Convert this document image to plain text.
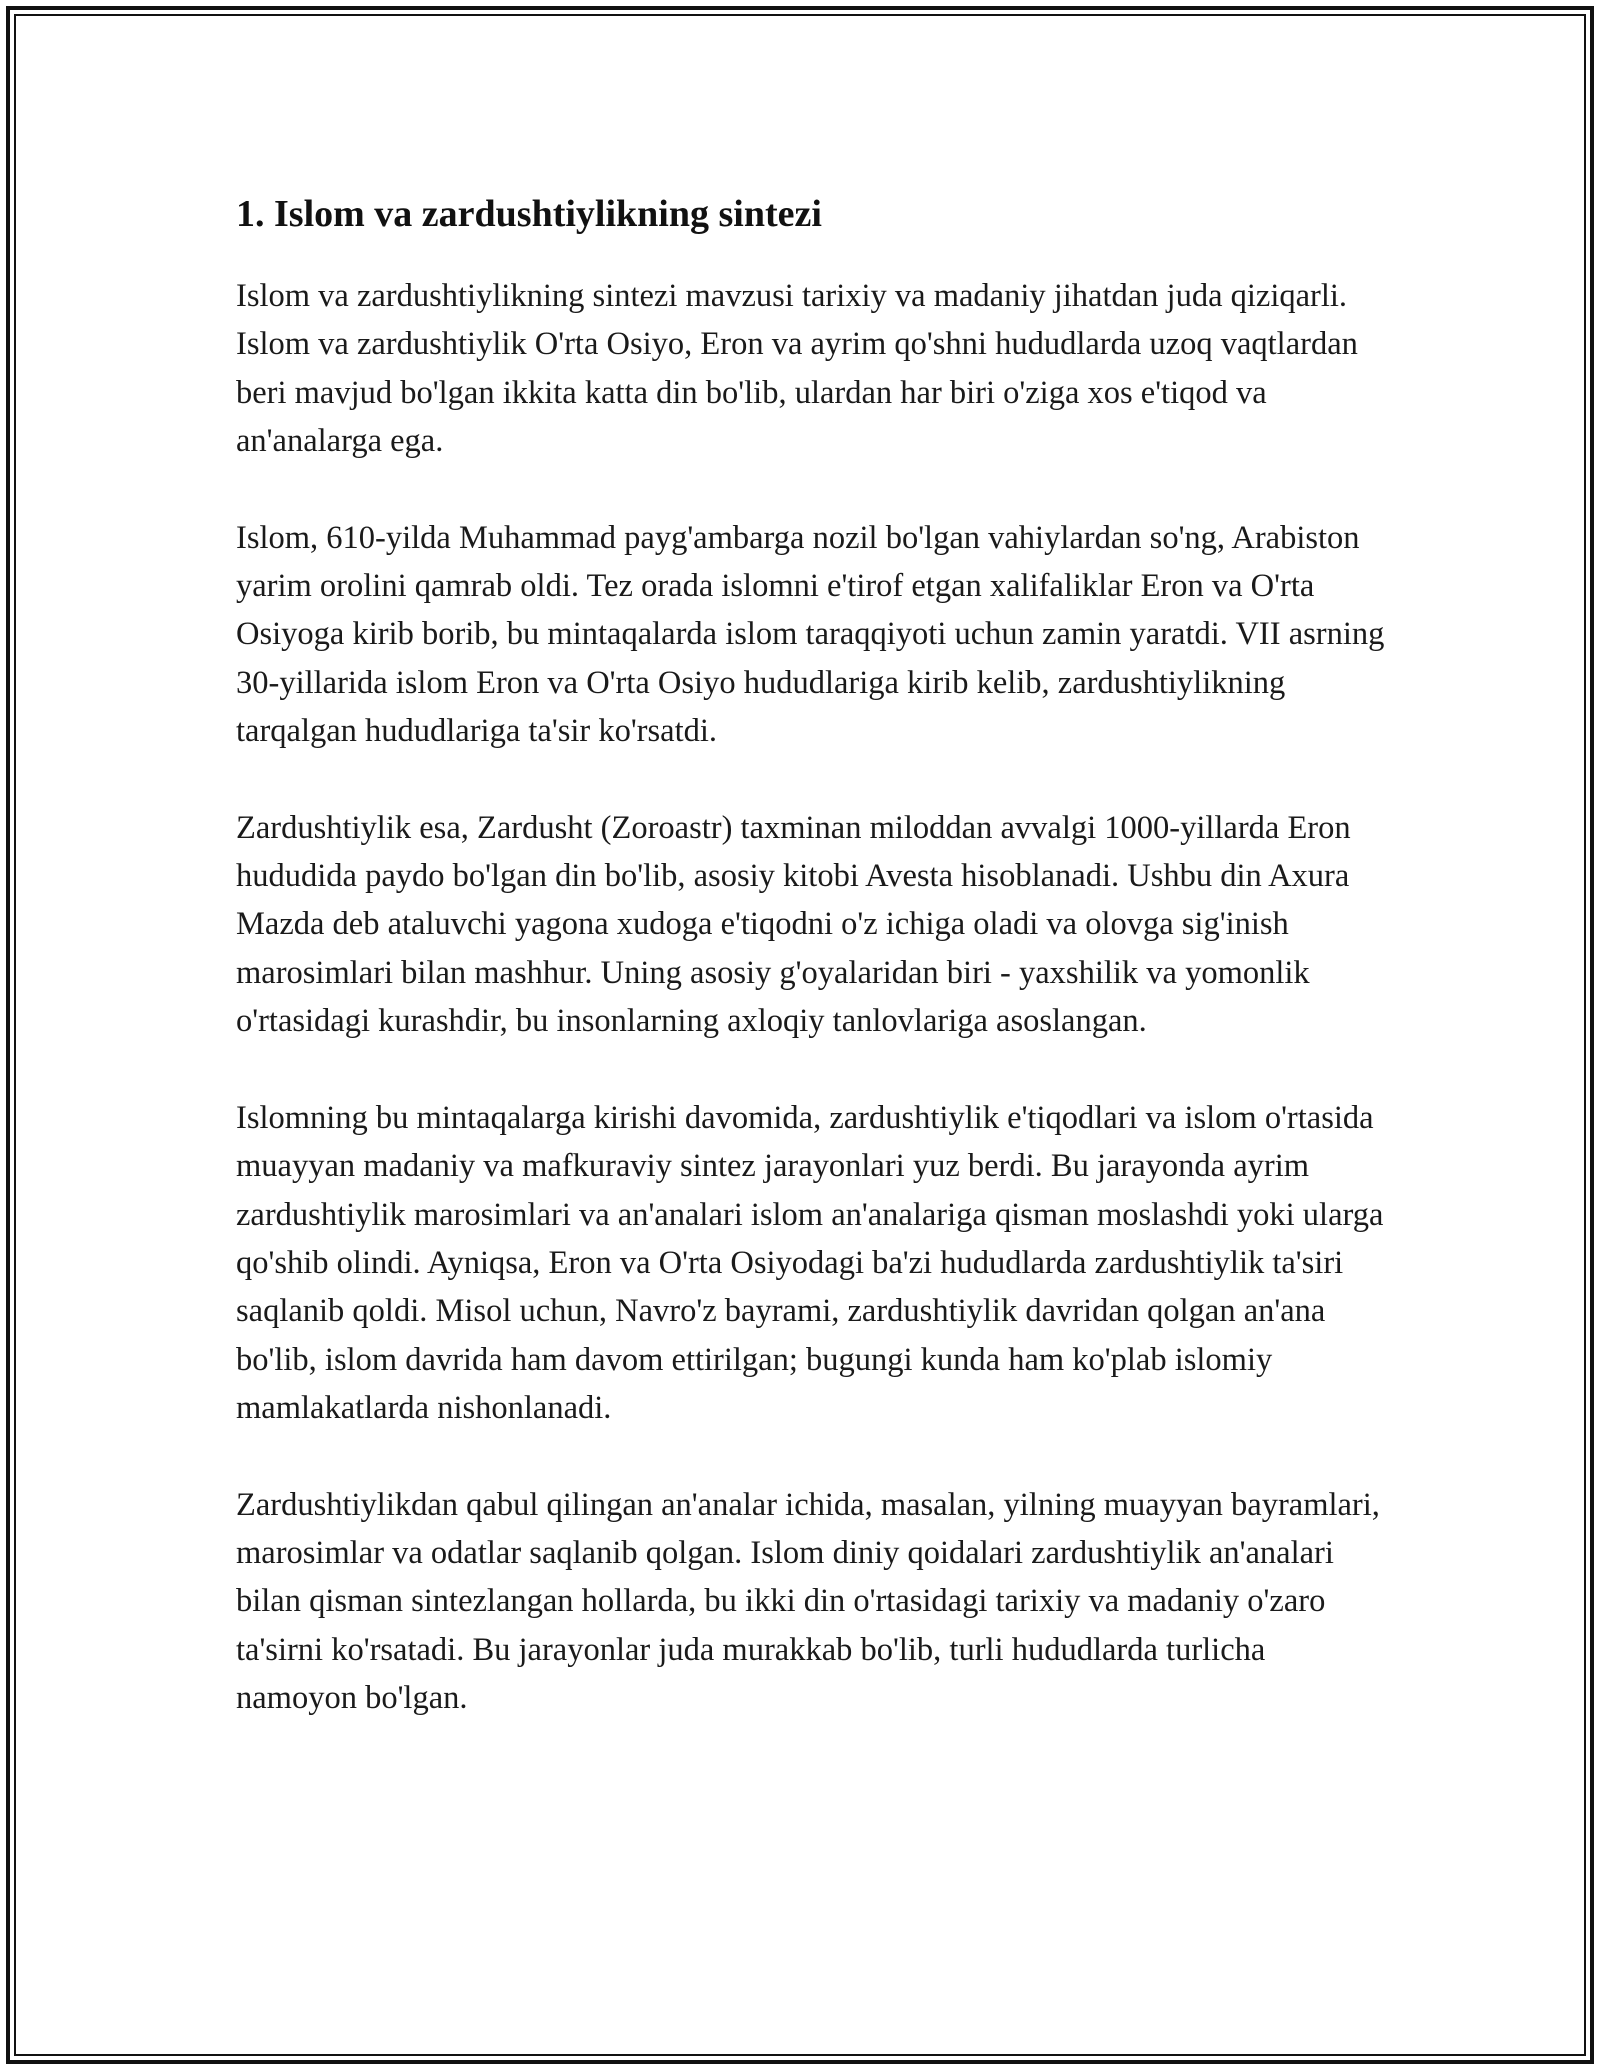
1. Islom va zardushtiylikning sintezi

Islom va zardushtiylikning sintezi mavzusi tarixiy va madaniy jihatdan juda qiziqarli. Islom va zardushtiylik O'rta Osiyo, Eron va ayrim qo'shni hududlarda uzoq vaqtlardan beri mavjud bo'lgan ikkita katta din bo'lib, ulardan har biri o'ziga xos e'tiqod va an'analarga ega.

Islom, 610-yilda Muhammad payg'ambarga nozil bo'lgan vahiylardan so'ng, Arabiston yarim orolini qamrab oldi. Tez orada islomni e'tirof etgan xalifaliklar Eron va O'rta Osiyoga kirib borib, bu mintaqalarda islom taraqqiyoti uchun zamin yaratdi. VII asrning 30-yillarida islom Eron va O'rta Osiyo hududlariga kirib kelib, zardushtiylikning tarqalgan hududlariga ta'sir ko'rsatdi.

Zardushtiylik esa, Zardusht (Zoroastr) taxminan miloddan avvalgi 1000-yillarda Eron hududida paydo bo'lgan din bo'lib, asosiy kitobi Avesta hisoblanadi. Ushbu din Axura Mazda deb ataluvchi yagona xudoga e'tiqodni o'z ichiga oladi va olovga sig'inish marosimlari bilan mashhur. Uning asosiy g'oyalaridan biri - yaxshilik va yomonlik o'rtasidagi kurashdir, bu insonlarning axloqiy tanlovlariga asoslangan.

Islomning bu mintaqalarga kirishi davomida, zardushtiylik e'tiqodlari va islom o'rtasida muayyan madaniy va mafkuraviy sintez jarayonlari yuz berdi. Bu jarayonda ayrim zardushtiylik marosimlari va an'analari islom an'analariga qisman moslashdi yoki ularga qo'shib olindi. Ayniqsa, Eron va O'rta Osiyodagi ba'zi hududlarda zardushtiylik ta'siri saqlanib qoldi. Misol uchun, Navro'z bayrami, zardushtiylik davridan qolgan an'ana bo'lib, islom davrida ham davom ettirilgan; bugungi kunda ham ko'plab islomiy mamlakatlarda nishonlanadi.

Zardushtiylikdan qabul qilingan an'analar ichida, masalan, yilning muayyan bayramlari, marosimlar va odatlar saqlanib qolgan. Islom diniy qoidalari zardushtiylik an'analari bilan qisman sintezlangan hollarda, bu ikki din o'rtasidagi tarixiy va madaniy o'zaro ta'sirni ko'rsatadi. Bu jarayonlar juda murakkab bo'lib, turli hududlarda turlicha namoyon bo'lgan.
